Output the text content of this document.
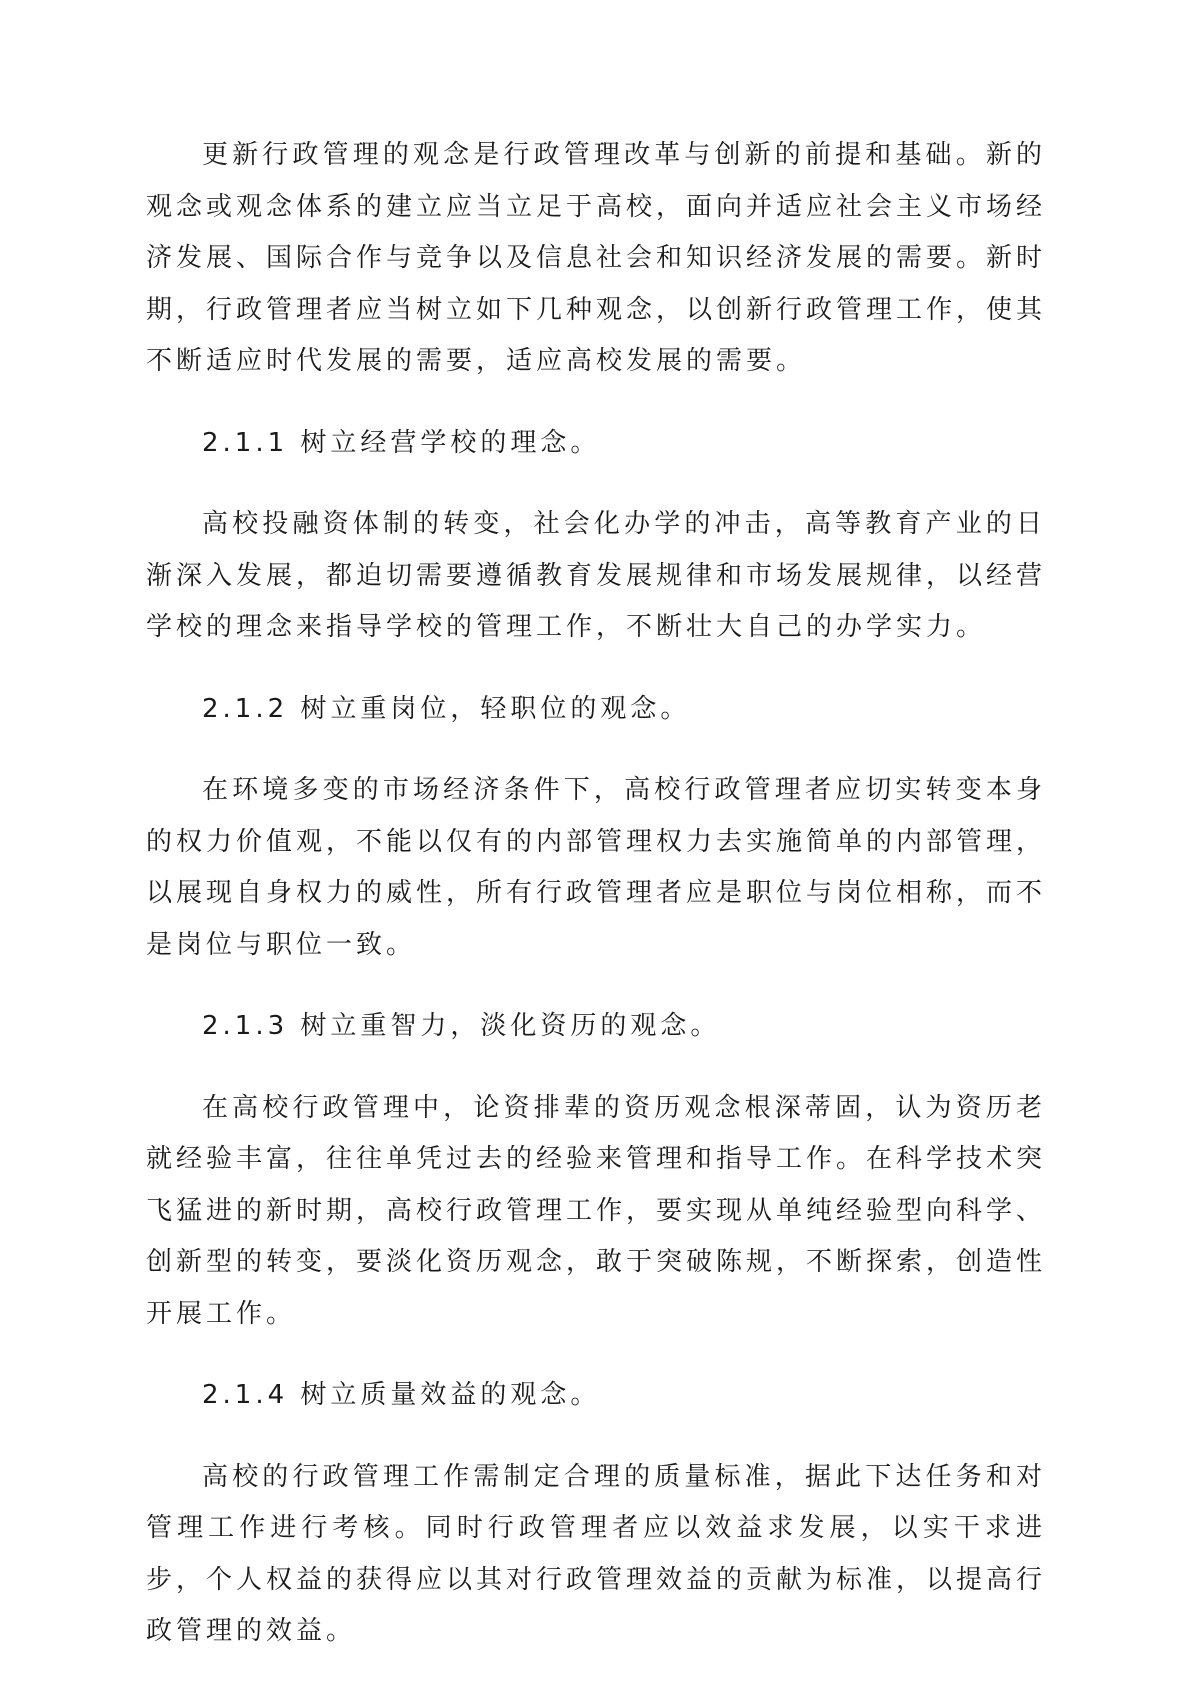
更新行政管理的观念是行政管理改革与创新的前提和基础。新的观念或观念体系的建立应当立足于高校，面向并适应社会主义市场经济发展、国际合作与竞争以及信息社会和知识经济发展的需要。新时期，行政管理者应当树立如下几种观念，以创新行政管理工作，使其不断适应时代发展的需要，适应高校发展的需要。

2.1.1 树立经营学校的理念。

高校投融资体制的转变，社会化办学的冲击，高等教育产业的日渐深入发展，都迫切需要遵循教育发展规律和市场发展规律，以经营学校的理念来指导学校的管理工作，不断壮大自己的办学实力。

2.1.2 树立重岗位，轻职位的观念。

在环境多变的市场经济条件下，高校行政管理者应切实转变本身的权力价值观，不能以仅有的内部管理权力去实施简单的内部管理，以展现自身权力的威性，所有行政管理者应是职位与岗位相称，而不是岗位与职位一致。

2.1.3 树立重智力，淡化资历的观念。

在高校行政管理中，论资排辈的资历观念根深蒂固，认为资历老就经验丰富，往往单凭过去的经验来管理和指导工作。在科学技术突飞猛进的新时期，高校行政管理工作，要实现从单纯经验型向科学、创新型的转变，要淡化资历观念，敢于突破陈规，不断探索，创造性开展工作。

2.1.4 树立质量效益的观念。

高校的行政管理工作需制定合理的质量标准，据此下达任务和对管理工作进行考核。同时行政管理者应以效益求发展，以实干求进步，个人权益的获得应以其对行政管理效益的贡献为标准，以提高行政管理的效益。
